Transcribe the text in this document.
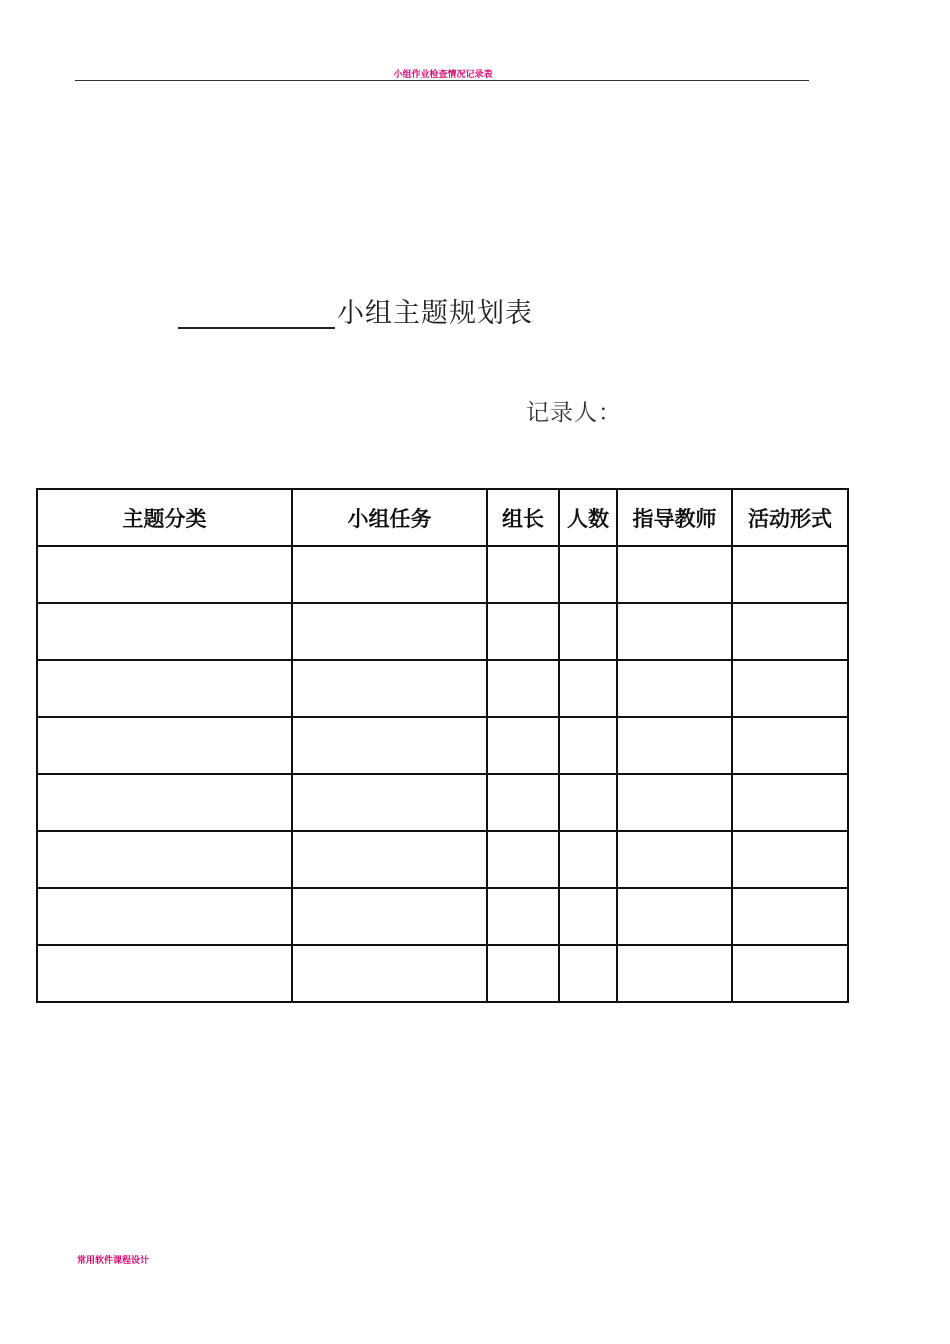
小组作业检查情况记录表
小组主题规划表
记录人：
主题分类	小组任务	组长	人数	指导教师	活动形式

常用软件课程设计
